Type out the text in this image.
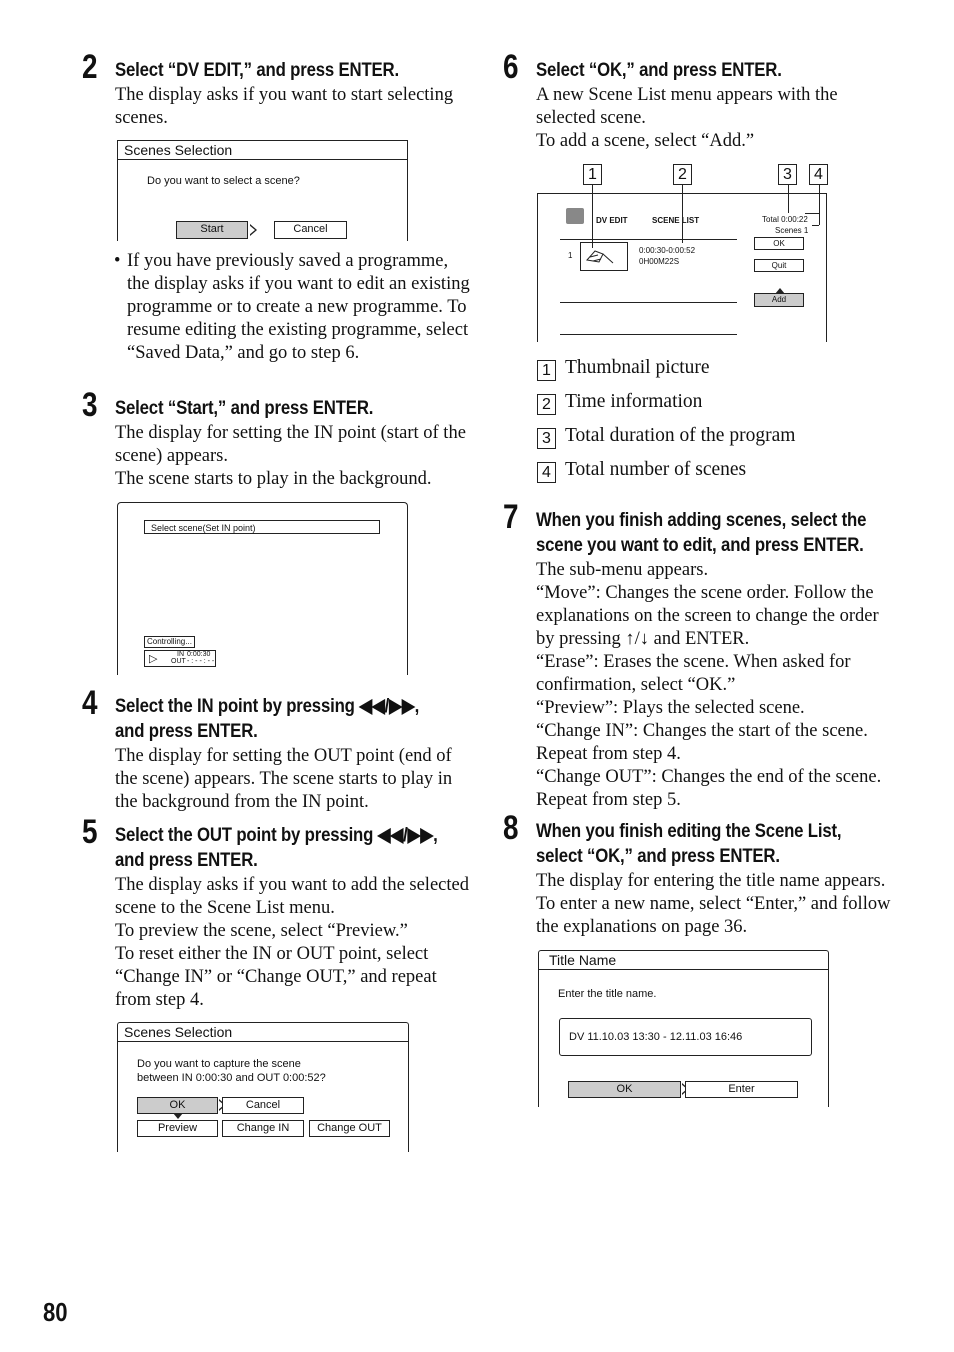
2 Select “DV EDIT,” and press ENTER.
The display asks if you want to start selecting scenes.
Scenes Selection
Do you want to select a scene?
Start	Cancel
• If you have previously saved a programme, the display asks if you want to edit an existing programme or to create a new programme. To resume editing the existing programme, select “Saved Data,” and go to step 6.
3 Select “Start,” and press ENTER.

The display for setting the IN point (start of the scene) appears.

The scene starts to play in the background.

Select scene(Set IN point)
Controlling...
▷	IN 0:00:30
OUT - : - - : - -
4 Select the IN point by pressing ◀◀/▶▶,
and press ENTER.
The display for setting the OUT point (end of the scene) appears. The scene starts to play in the background from the IN point.
5 Select the OUT point by pressing ◀◀/▶▶,
and press ENTER.

The display asks if you want to add the selected scene to the Scene List menu.

To preview the scene, select “Preview.”

To reset either the IN or OUT point, select “Change IN” or “Change OUT,” and repeat from step 4.

Scenes Selection
Do you want to capture the scene
between IN 0:00:30 and OUT 0:00:52?
OK	Cancel
Preview	Change IN	Change OUT
80
6 Select “OK,” and press ENTER.

A new Scene List menu appears with the selected scene.

To add a scene, select “Add.”

1	2	3	4
DV EDIT	SCENE LIST	Total 0:00:22
Scenes 1
1
0:00:30-0:00:52
0H00M22S
OK
Quit
Add
1 Thumbnail picture
2 Time information
3 Total duration of the program
4 Total number of scenes
7 When you finish adding scenes, select the
scene you want to edit, and press ENTER.

The sub-menu appears.

“Move”: Changes the scene order. Follow the explanations on the screen to change the order by pressing ↑/↓ and ENTER.

“Erase”: Erases the scene. When asked for confirmation, select “OK.”

“Preview”: Plays the selected scene.

“Change IN”: Changes the start of the scene. Repeat from step 4.

“Change OUT”: Changes the end of the scene. Repeat from step 5.

8 When you finish editing the Scene List,
select “OK,” and press ENTER.
The display for entering the title name appears. To enter a new name, select “Enter,” and follow the explanations on page 36.
Title Name
Enter the title name.
DV 11.10.03 13:30 - 12.11.03 16:46
OK	Enter
